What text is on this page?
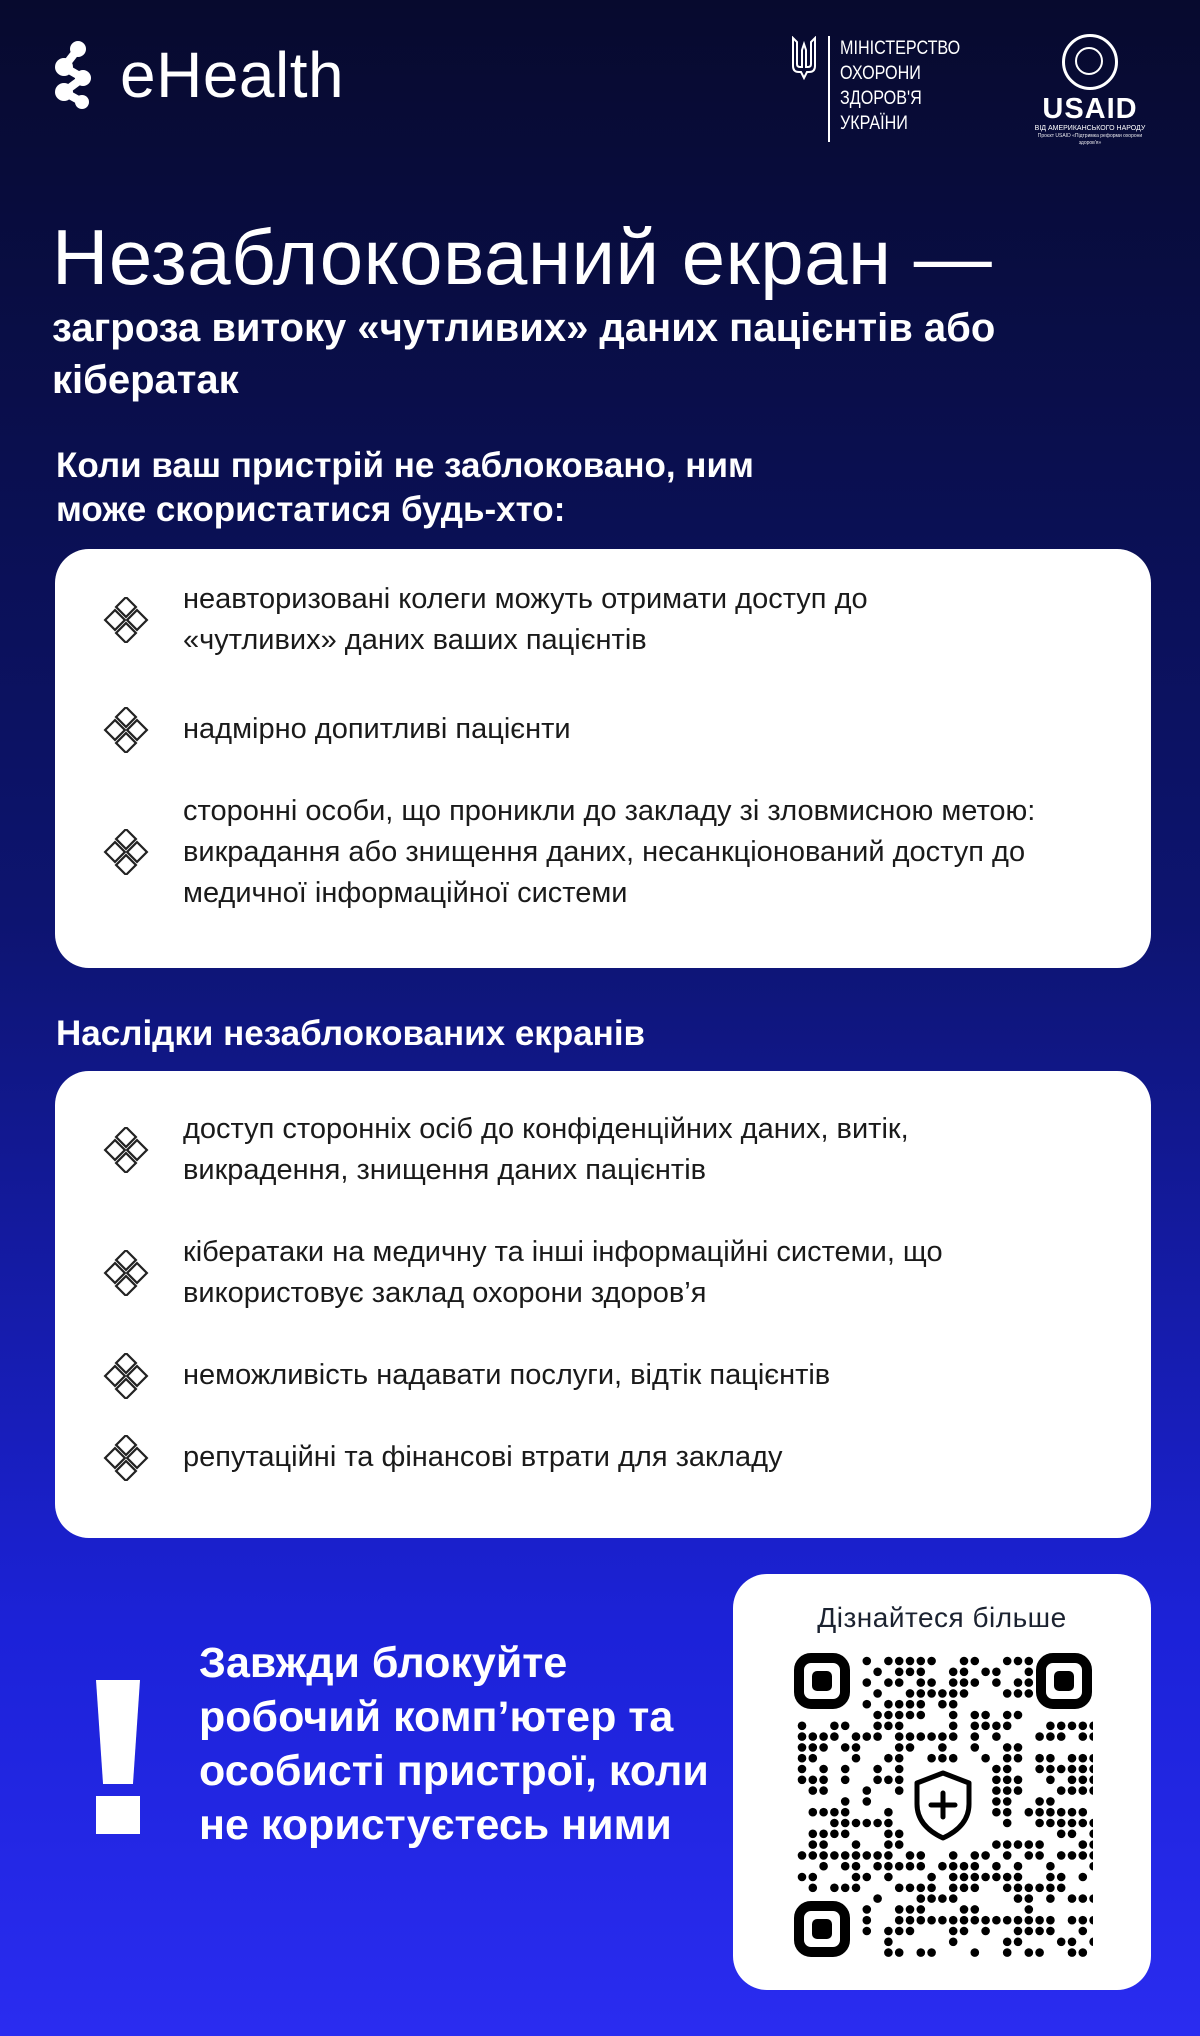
eHealth	МІНІСТЕРСТВО
ОХОРОНИ
ЗДОРОВ'Я
УКРАЇНИ	USAID
ВІД АМЕРИКАНСЬКОГО НАРОДУ
Проєкт USAID «Підтримка реформи охорони здоров'я»
Незаблокований екран —
загроза витоку «чутливих» даних пацієнтів або кібератак
Коли ваш пристрій не заблоковано, ним може скористатися будь-хто:
неавторизовані колеги можуть отримати доступ до «чутливих» даних ваших пацієнтів
надмірно допитливі пацієнти
сторонні особи, що проникли до закладу зі зловмисною метою: викрадання або знищення даних, несанкціонований доступ до медичної інформаційної системи
Наслідки незаблокованих екранів
доступ сторонніх осіб до конфіденційних даних, витік, викрадення, знищення даних пацієнтів
кібератаки на медичну та інші інформаційні системи, що використовує заклад охорони здоров’я
неможливість надавати послуги, відтік пацієнтів
репутаційні та фінансові втрати для закладу
Завжди блокуйте робочий комп’ютер та особисті пристрої, коли не користуєтесь ними
Дізнайтеся більше
